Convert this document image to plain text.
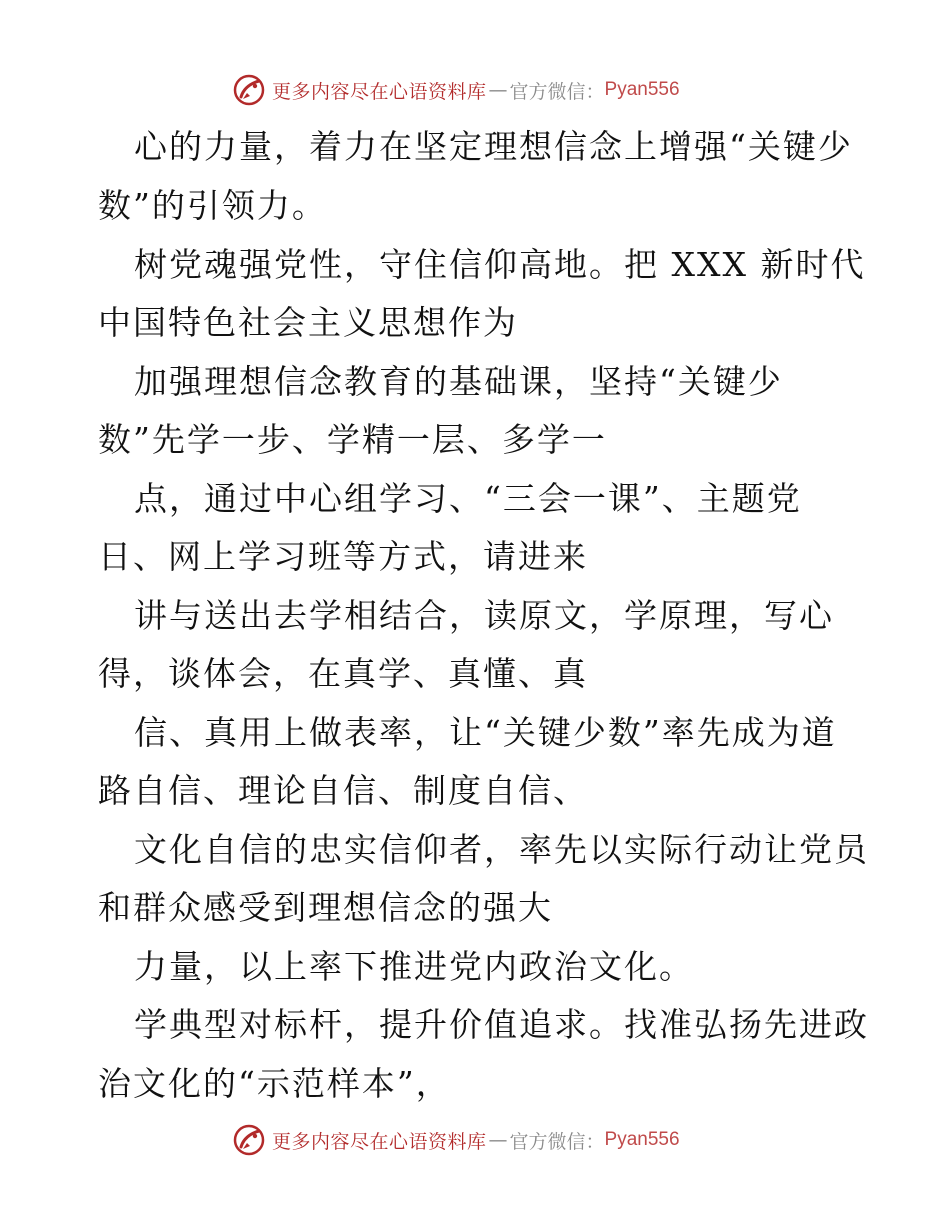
更多内容尽在心语资料库 — 官方微信： Pyan556
心的力量，着力在坚定理想信念上增强“关键少
数”的引领力。
树党魂强党性，守住信仰高地。把 XXX 新时代
中国特色社会主义思想作为
加强理想信念教育的基础课，坚持“关键少
数”先学一步、学精一层、多学一
点，通过中心组学习、“三会一课”、主题党
日、网上学习班等方式，请进来
讲与送出去学相结合，读原文，学原理，写心
得，谈体会，在真学、真懂、真
信、真用上做表率，让“关键少数”率先成为道
路自信、理论自信、制度自信、
文化自信的忠实信仰者，率先以实际行动让党员
和群众感受到理想信念的强大
力量，以上率下推进党内政治文化。
学典型对标杆，提升价值追求。找准弘扬先进政
治文化的“示范样本”，
更多内容尽在心语资料库 — 官方微信： Pyan556
